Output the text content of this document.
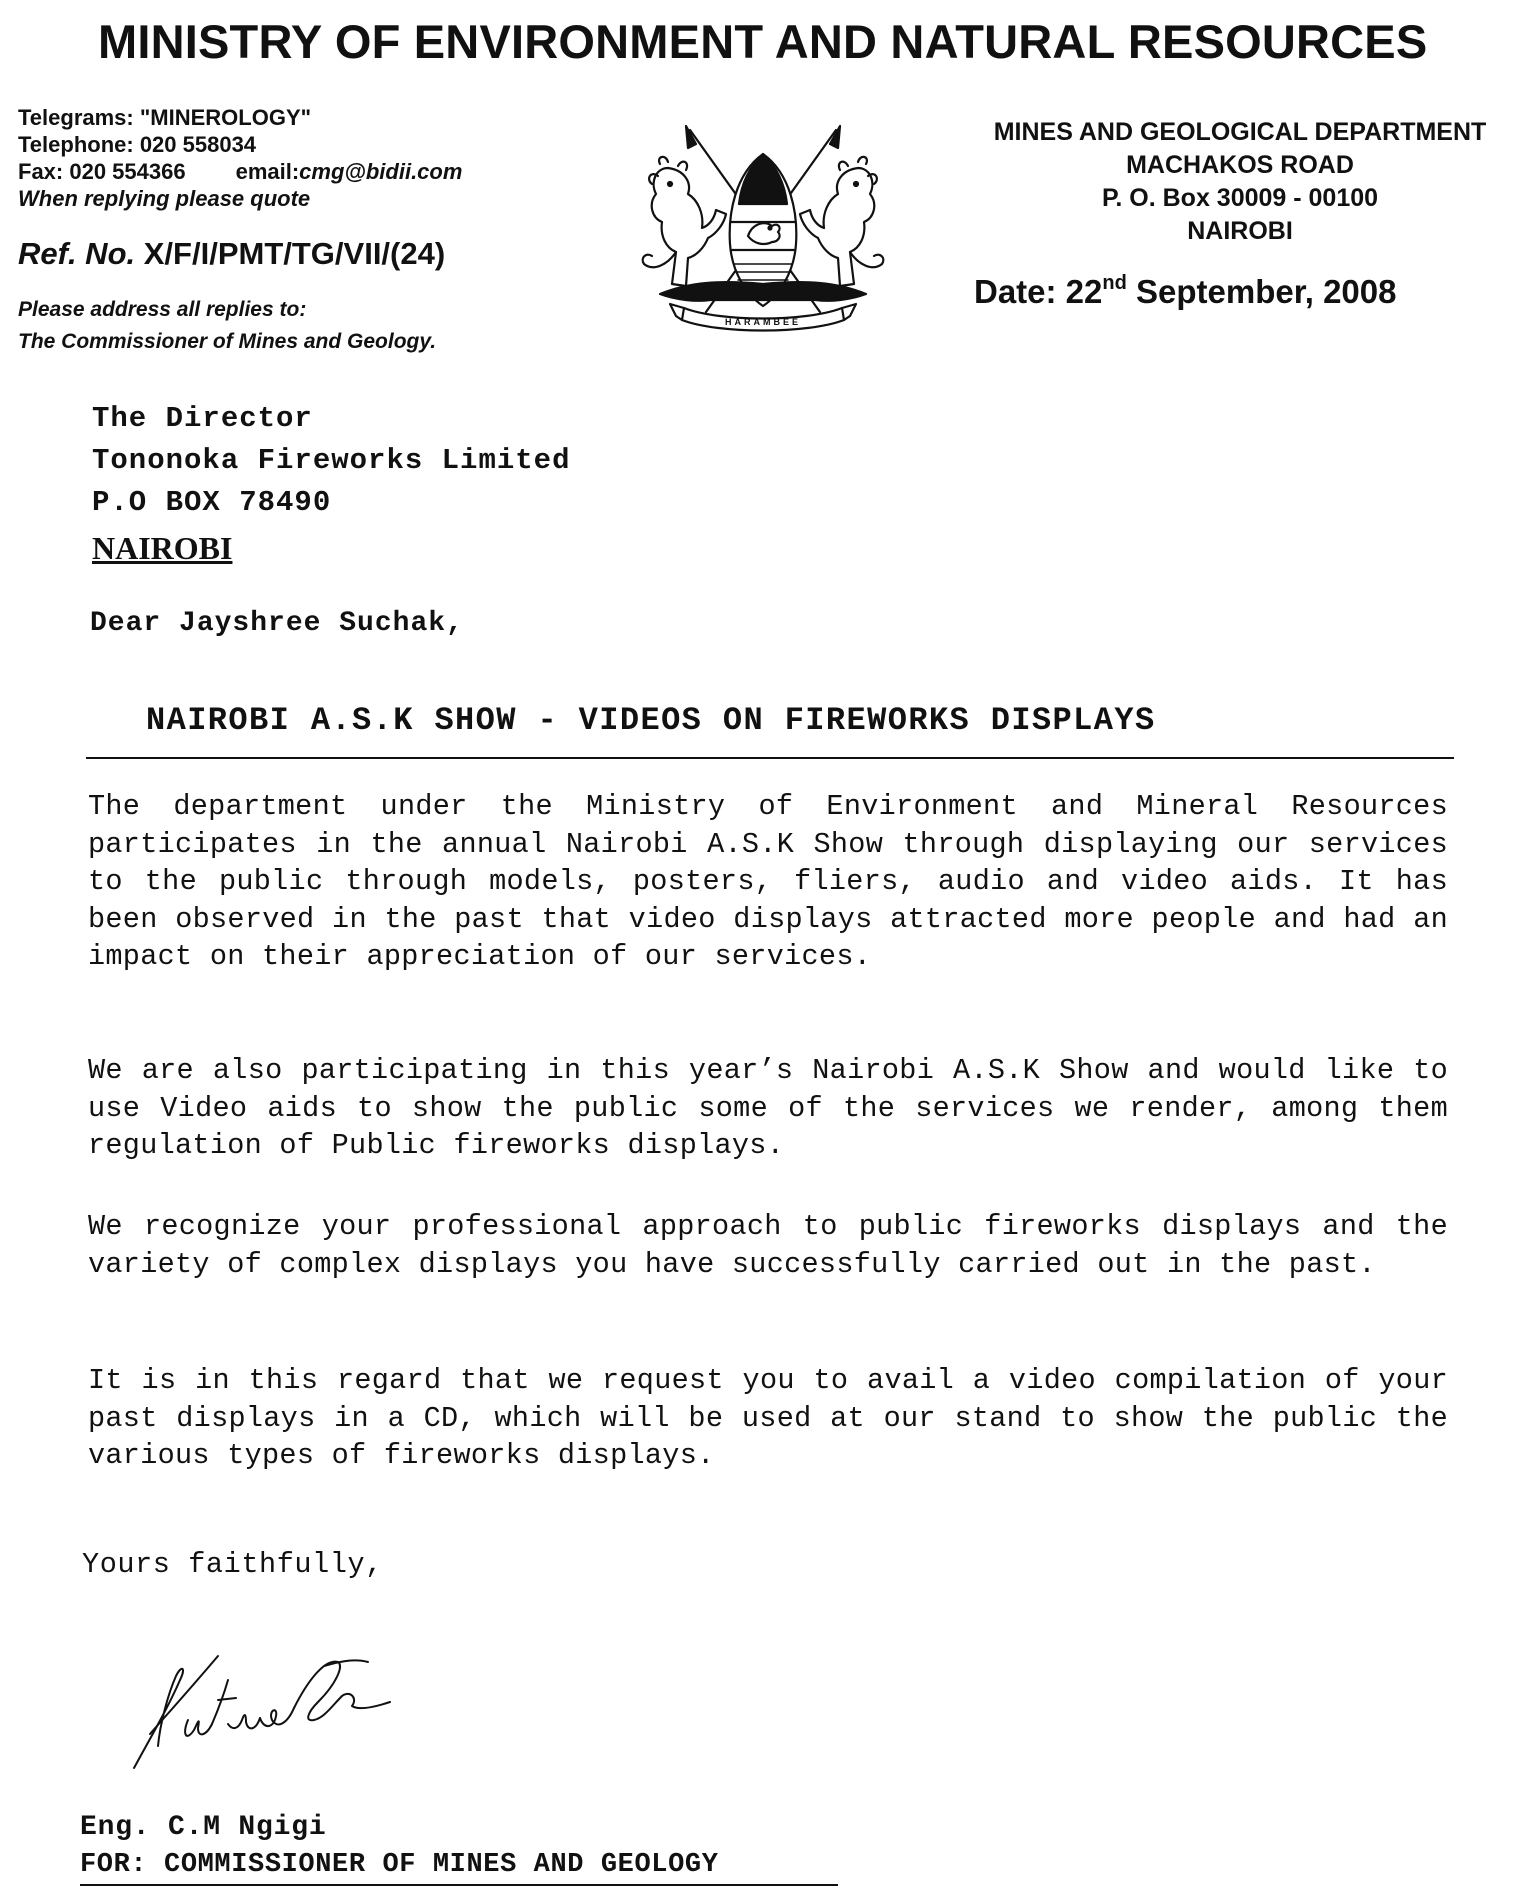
MINISTRY OF ENVIRONMENT AND NATURAL RESOURCES
Telegrams: "MINEROLOGY"
Telephone: 020 558034
Fax: 020 554366 email:cmg@bidii.com
When replying please quote
Ref. No. X/F/I/PMT/TG/VII/(24)
Please address all replies to:
The Commissioner of Mines and Geology.
HARAMBEE
MINES AND GEOLOGICAL DEPARTMENT
MACHAKOS ROAD
P. O. Box 30009 - 00100
NAIROBI
Date: 22nd September, 2008
The Director
Tononoka Fireworks Limited
P.O BOX 78490
NAIROBI
Dear Jayshree Suchak,
NAIROBI A.S.K SHOW - VIDEOS ON FIREWORKS DISPLAYS
The department under the Ministry of Environment and Mineral Resources participates in the annual Nairobi A.S.K Show through displaying our services to the public through models, posters, fliers, audio and video aids. It has been observed in the past that video displays attracted more people and had an impact on their appreciation of our services.
We are also participating in this year’s Nairobi A.S.K Show and would like to use Video aids to show the public some of the services we render, among them regulation of Public fireworks displays.
We recognize your professional approach to public fireworks displays and the variety of complex displays you have successfully carried out in the past.
It is in this regard that we request you to avail a video compilation of your past displays in a CD, which will be used at our stand to show the public the various types of fireworks displays.
Yours faithfully,
Eng. C.M Ngigi
FOR: COMMISSIONER OF MINES AND GEOLOGY
